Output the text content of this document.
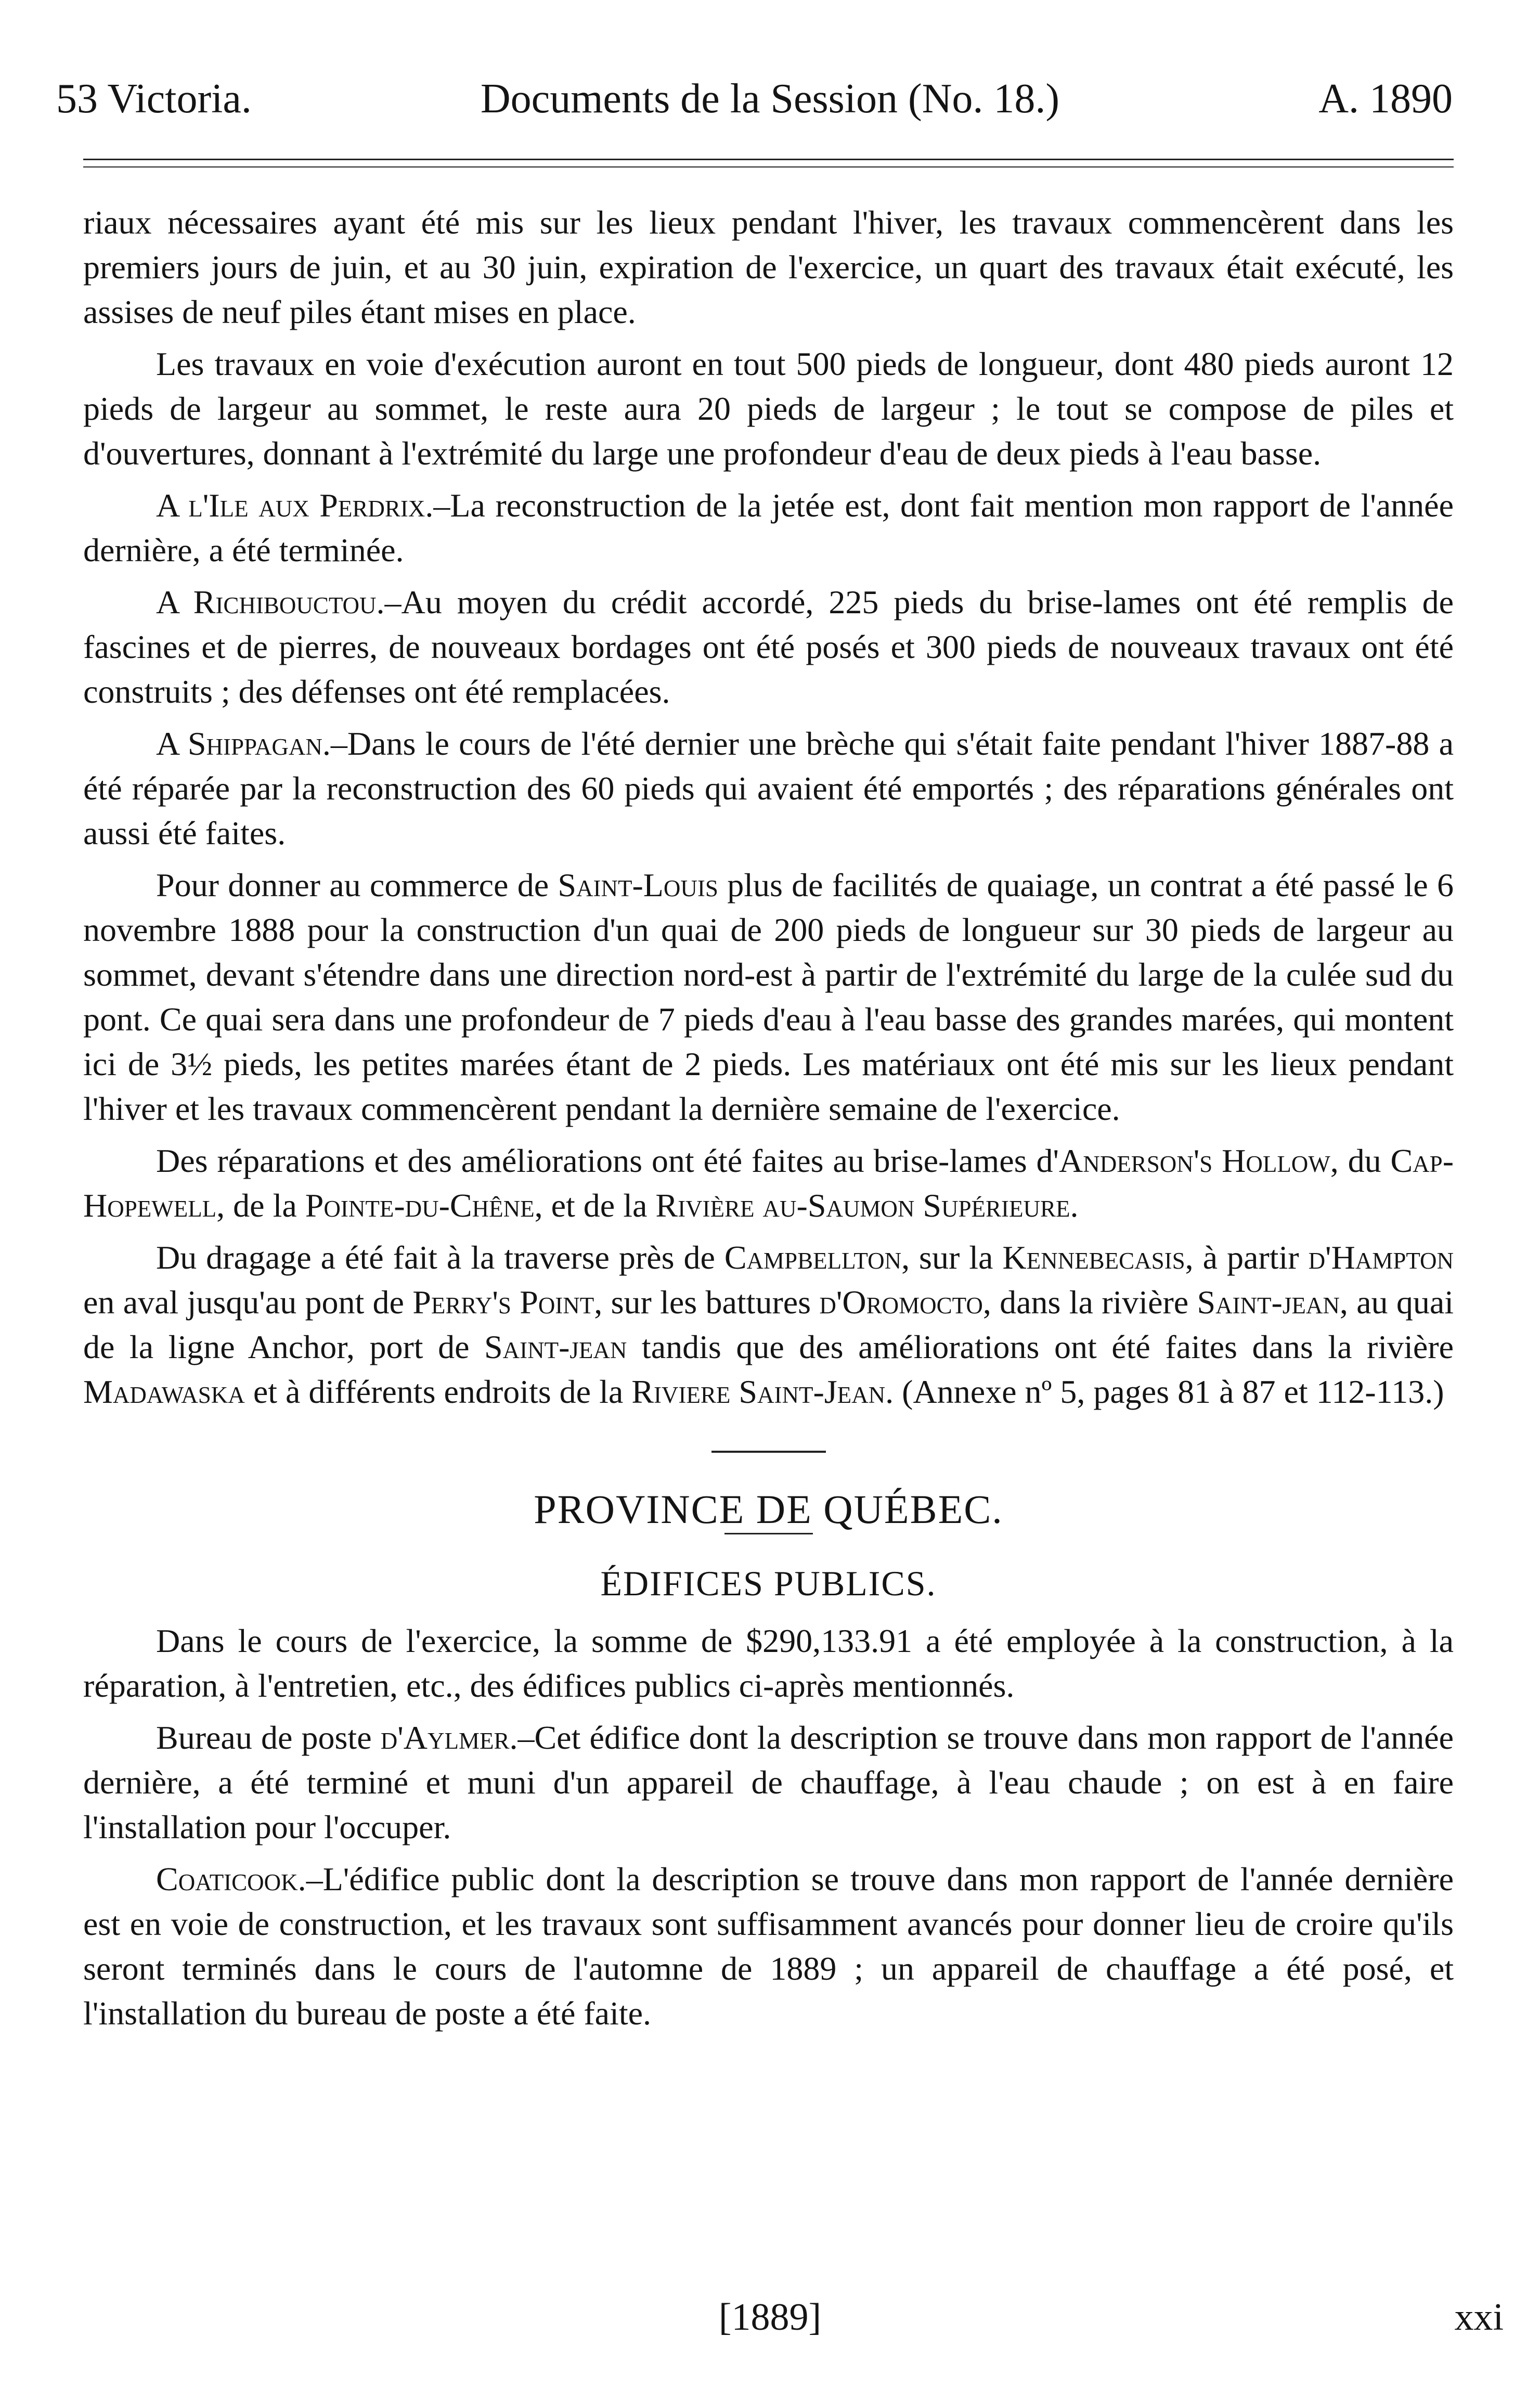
53 Victoria.	Documents de la Session (No. 18.)	A. 1890

riaux nécessaires ayant été mis sur les lieux pendant l'hiver, les travaux commencèrent dans les premiers jours de juin, et au 30 juin, expiration de l'exercice, un quart des travaux était exécuté, les assises de neuf piles étant mises en place.

Les travaux en voie d'exécution auront en tout 500 pieds de longueur, dont 480 pieds auront 12 pieds de largeur au sommet, le reste aura 20 pieds de largeur ; le tout se compose de piles et d'ouvertures, donnant à l'extrémité du large une profondeur d'eau de deux pieds à l'eau basse.

A l'Ile aux Perdrix.–La reconstruction de la jetée est, dont fait mention mon rapport de l'année dernière, a été terminée.

A Richibouctou.–Au moyen du crédit accordé, 225 pieds du brise-lames ont été remplis de fascines et de pierres, de nouveaux bordages ont été posés et 300 pieds de nouveaux travaux ont été construits ; des défenses ont été remplacées.

A Shippagan.–Dans le cours de l'été dernier une brèche qui s'était faite pendant l'hiver 1887-88 a été réparée par la reconstruction des 60 pieds qui avaient été emportés ; des réparations générales ont aussi été faites.

Pour donner au commerce de Saint-Louis plus de facilités de quaiage, un contrat a été passé le 6 novembre 1888 pour la construction d'un quai de 200 pieds de longueur sur 30 pieds de largeur au sommet, devant s'étendre dans une direction nord-est à partir de l'extrémité du large de la culée sud du pont. Ce quai sera dans une profondeur de 7 pieds d'eau à l'eau basse des grandes marées, qui montent ici de 3½ pieds, les petites marées étant de 2 pieds. Les matériaux ont été mis sur les lieux pendant l'hiver et les travaux commencèrent pendant la dernière semaine de l'exercice.

Des réparations et des améliorations ont été faites au brise-lames d'Anderson's Hollow, du Cap-Hopewell, de la Pointe-du-Chêne, et de la Rivière au-Saumon Supérieure.

Du dragage a été fait à la traverse près de Campbellton, sur la Kennebecasis, à partir d'Hampton en aval jusqu'au pont de Perry's Point, sur les battures d'Oromocto, dans la rivière Saint-jean, au quai de la ligne Anchor, port de Saint-jean tandis que des améliorations ont été faites dans la rivière Madawaska et à différents endroits de la Riviere Saint-Jean. (Annexe nº 5, pages 81 à 87 et 112-113.)

PROVINCE DE QUÉBEC.
ÉDIFICES PUBLICS.

Dans le cours de l'exercice, la somme de $290,133.91 a été employée à la construction, à la réparation, à l'entretien, etc., des édifices publics ci-après mentionnés.

Bureau de poste d'Aylmer.–Cet édifice dont la description se trouve dans mon rapport de l'année dernière, a été terminé et muni d'un appareil de chauffage, à l'eau chaude ; on est à en faire l'installation pour l'occuper.

Coaticook.–L'édifice public dont la description se trouve dans mon rapport de l'année dernière est en voie de construction, et les travaux sont suffisamment avancés pour donner lieu de croire qu'ils seront terminés dans le cours de l'automne de 1889 ; un appareil de chauffage a été posé, et l'installation du bureau de poste a été faite.

[1889]	xxi
